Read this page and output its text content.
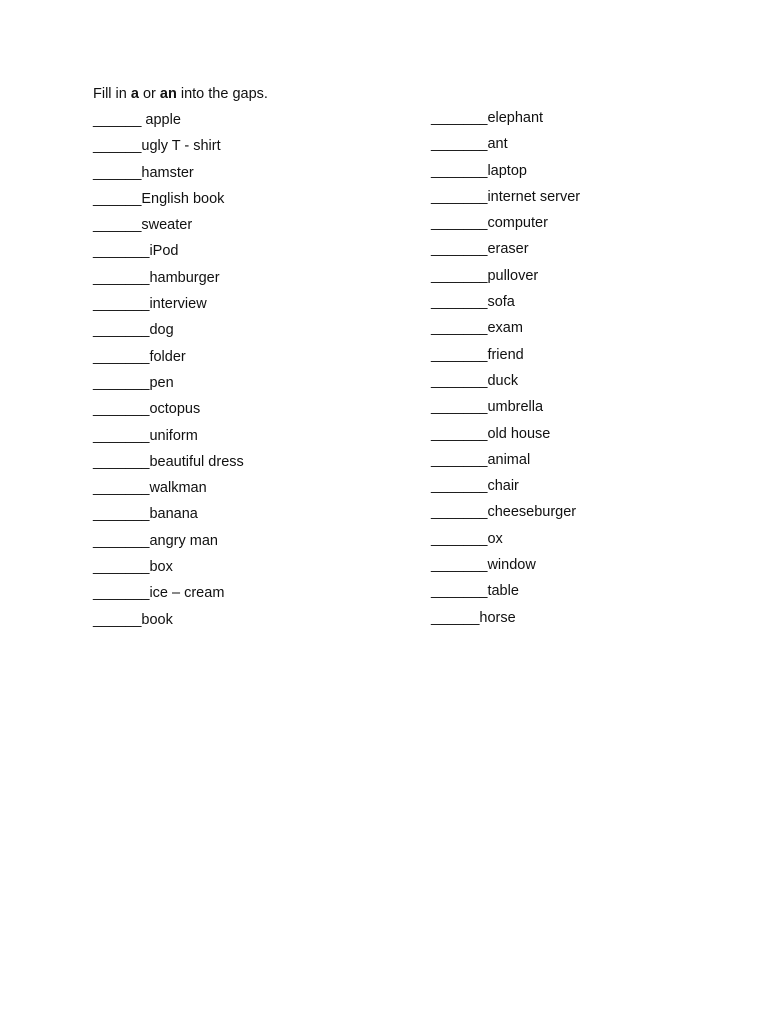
Fill in a or an into the gaps.
______ apple
______ugly T - shirt
______hamster
______English book
______sweater
_______iPod
_______hamburger
_______interview
_______dog
_______folder
_______pen
_______octopus
_______uniform
_______beautiful dress
_______walkman
_______banana
_______angry man
_______box
_______ice – cream
______book
_______elephant
_______ant
_______laptop
_______internet server
_______computer
_______eraser
_______pullover
_______sofa
_______exam
_______friend
_______duck
_______umbrella
_______old house
_______animal
_______chair
_______cheeseburger
_______ox
_______window
_______table
______horse
